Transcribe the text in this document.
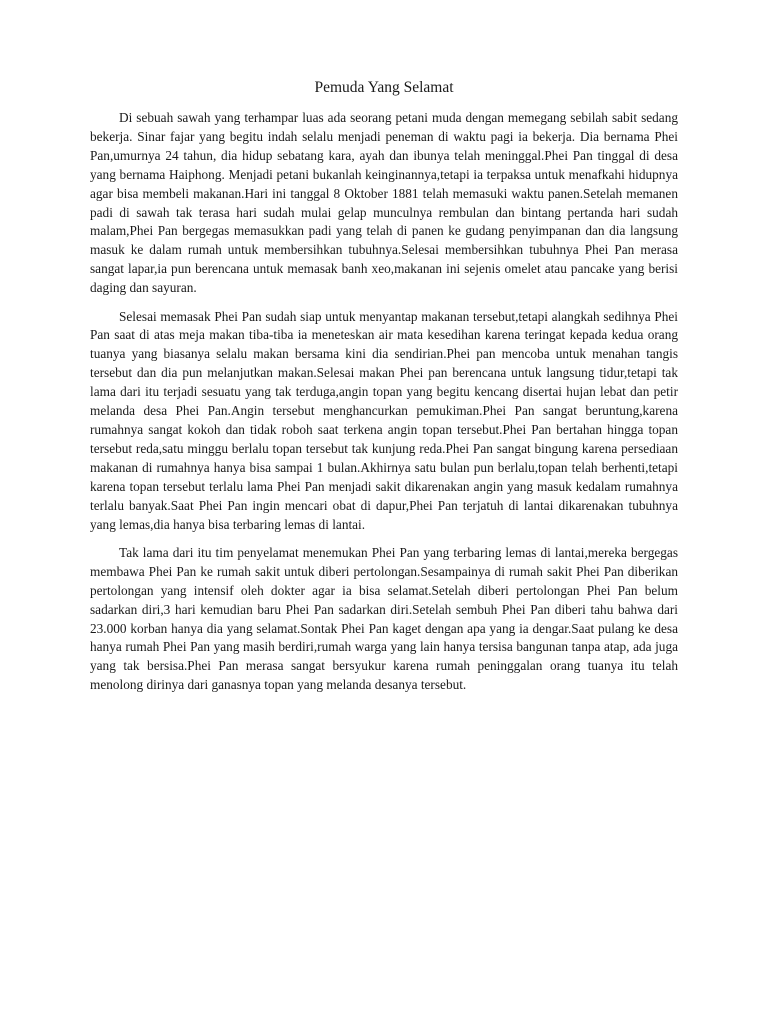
Pemuda Yang Selamat

Di sebuah sawah yang terhampar luas ada seorang petani muda dengan memegang sebilah sabit sedang bekerja. Sinar fajar yang begitu indah selalu menjadi peneman di waktu pagi ia bekerja. Dia bernama Phei Pan,umurnya 24 tahun, dia hidup sebatang kara, ayah dan ibunya telah meninggal.Phei Pan tinggal di desa yang bernama Haiphong. Menjadi petani bukanlah keinginannya,tetapi ia terpaksa untuk menafkahi hidupnya agar bisa membeli makanan.Hari ini tanggal 8 Oktober 1881 telah memasuki waktu panen.Setelah memanen padi di sawah tak terasa hari sudah mulai gelap munculnya rembulan dan bintang pertanda hari sudah malam,Phei Pan bergegas memasukkan padi yang telah di panen ke gudang penyimpanan dan dia langsung masuk ke dalam rumah untuk membersihkan tubuhnya.Selesai membersihkan tubuhnya Phei Pan merasa sangat lapar,ia pun berencana untuk memasak banh xeo,makanan ini sejenis omelet atau pancake yang berisi daging dan sayuran.

Selesai memasak Phei Pan sudah siap untuk menyantap makanan tersebut,tetapi alangkah sedihnya Phei Pan saat di atas meja makan tiba-tiba ia meneteskan air mata kesedihan karena teringat kepada kedua orang tuanya yang biasanya selalu makan bersama kini dia sendirian.Phei pan mencoba untuk menahan tangis tersebut dan dia pun melanjutkan makan.Selesai makan Phei pan berencana untuk langsung tidur,tetapi tak lama dari itu terjadi sesuatu yang tak terduga,angin topan yang begitu kencang disertai hujan lebat dan petir melanda desa Phei Pan.Angin tersebut menghancurkan pemukiman.Phei Pan sangat beruntung,karena rumahnya sangat kokoh dan tidak roboh saat terkena angin topan tersebut.Phei Pan bertahan hingga topan tersebut reda,satu minggu berlalu topan tersebut tak kunjung reda.Phei Pan sangat bingung karena persediaan makanan di rumahnya hanya bisa sampai 1 bulan.Akhirnya satu bulan pun berlalu,topan telah berhenti,tetapi karena topan tersebut terlalu lama Phei Pan menjadi sakit dikarenakan angin yang masuk kedalam rumahnya terlalu banyak.Saat Phei Pan ingin mencari obat di dapur,Phei Pan terjatuh di lantai dikarenakan tubuhnya yang lemas,dia hanya bisa terbaring lemas di lantai.

Tak lama dari itu tim penyelamat menemukan Phei Pan yang terbaring lemas di lantai,mereka bergegas membawa Phei Pan ke rumah sakit untuk diberi pertolongan.Sesampainya di rumah sakit Phei Pan diberikan pertolongan yang intensif oleh dokter agar ia bisa selamat.Setelah diberi pertolongan Phei Pan belum sadarkan diri,3 hari kemudian baru Phei Pan sadarkan diri.Setelah sembuh Phei Pan diberi tahu bahwa dari 23.000 korban hanya dia yang selamat.Sontak Phei Pan kaget dengan apa yang ia dengar.Saat pulang ke desa hanya rumah Phei Pan yang masih berdiri,rumah warga yang lain hanya tersisa bangunan tanpa atap, ada juga yang tak bersisa.Phei Pan merasa sangat bersyukur karena rumah peninggalan orang tuanya itu telah menolong dirinya dari ganasnya topan yang melanda desanya tersebut.
